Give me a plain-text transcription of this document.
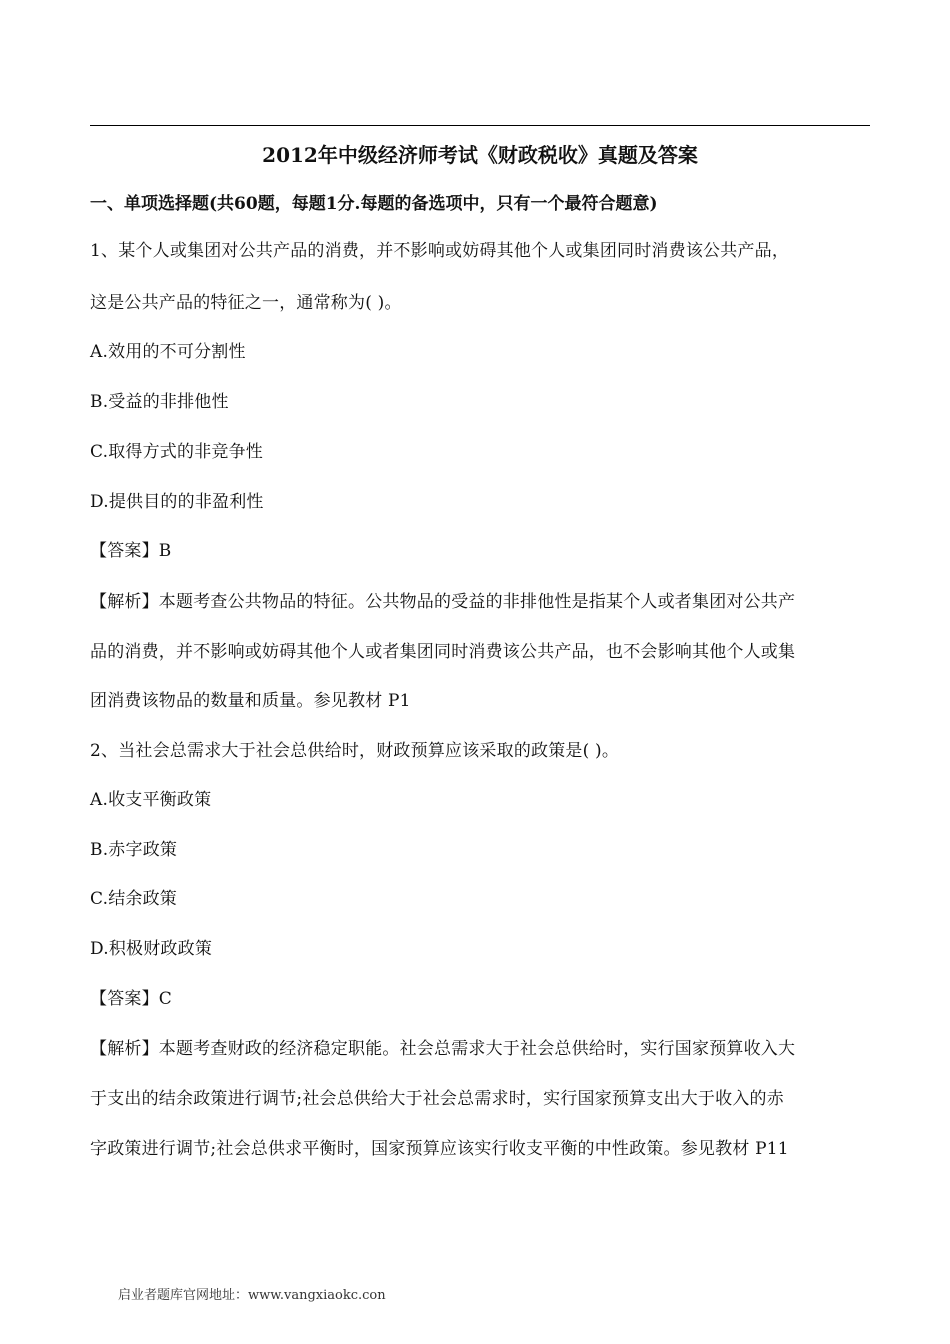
2012年中级经济师考试《财政税收》真题及答案
一、单项选择题(共60题，每题1分.每题的备选项中，只有一个最符合题意)
1、某个人或集团对公共产品的消费，并不影响或妨碍其他个人或集团同时消费该公共产品，
这是公共产品的特征之一，通常称为( )。
A.效用的不可分割性
B.受益的非排他性
C.取得方式的非竞争性
D.提供目的的非盈利性
【答案】B
【解析】本题考查公共物品的特征。公共物品的受益的非排他性是指某个人或者集团对公共产
品的消费，并不影响或妨碍其他个人或者集团同时消费该公共产品，也不会影响其他个人或集
团消费该物品的数量和质量。参见教材 P1
2、当社会总需求大于社会总供给时，财政预算应该采取的政策是( )。
A.收支平衡政策
B.赤字政策
C.结余政策
D.积极财政政策
【答案】C
【解析】本题考查财政的经济稳定职能。社会总需求大于社会总供给时，实行国家预算收入大
于支出的结余政策进行调节;社会总供给大于社会总需求时，实行国家预算支出大于收入的赤
字政策进行调节;社会总供求平衡时，国家预算应该实行收支平衡的中性政策。参见教材 P11
启业者题库官网地址：www.vangxiaokc.con
